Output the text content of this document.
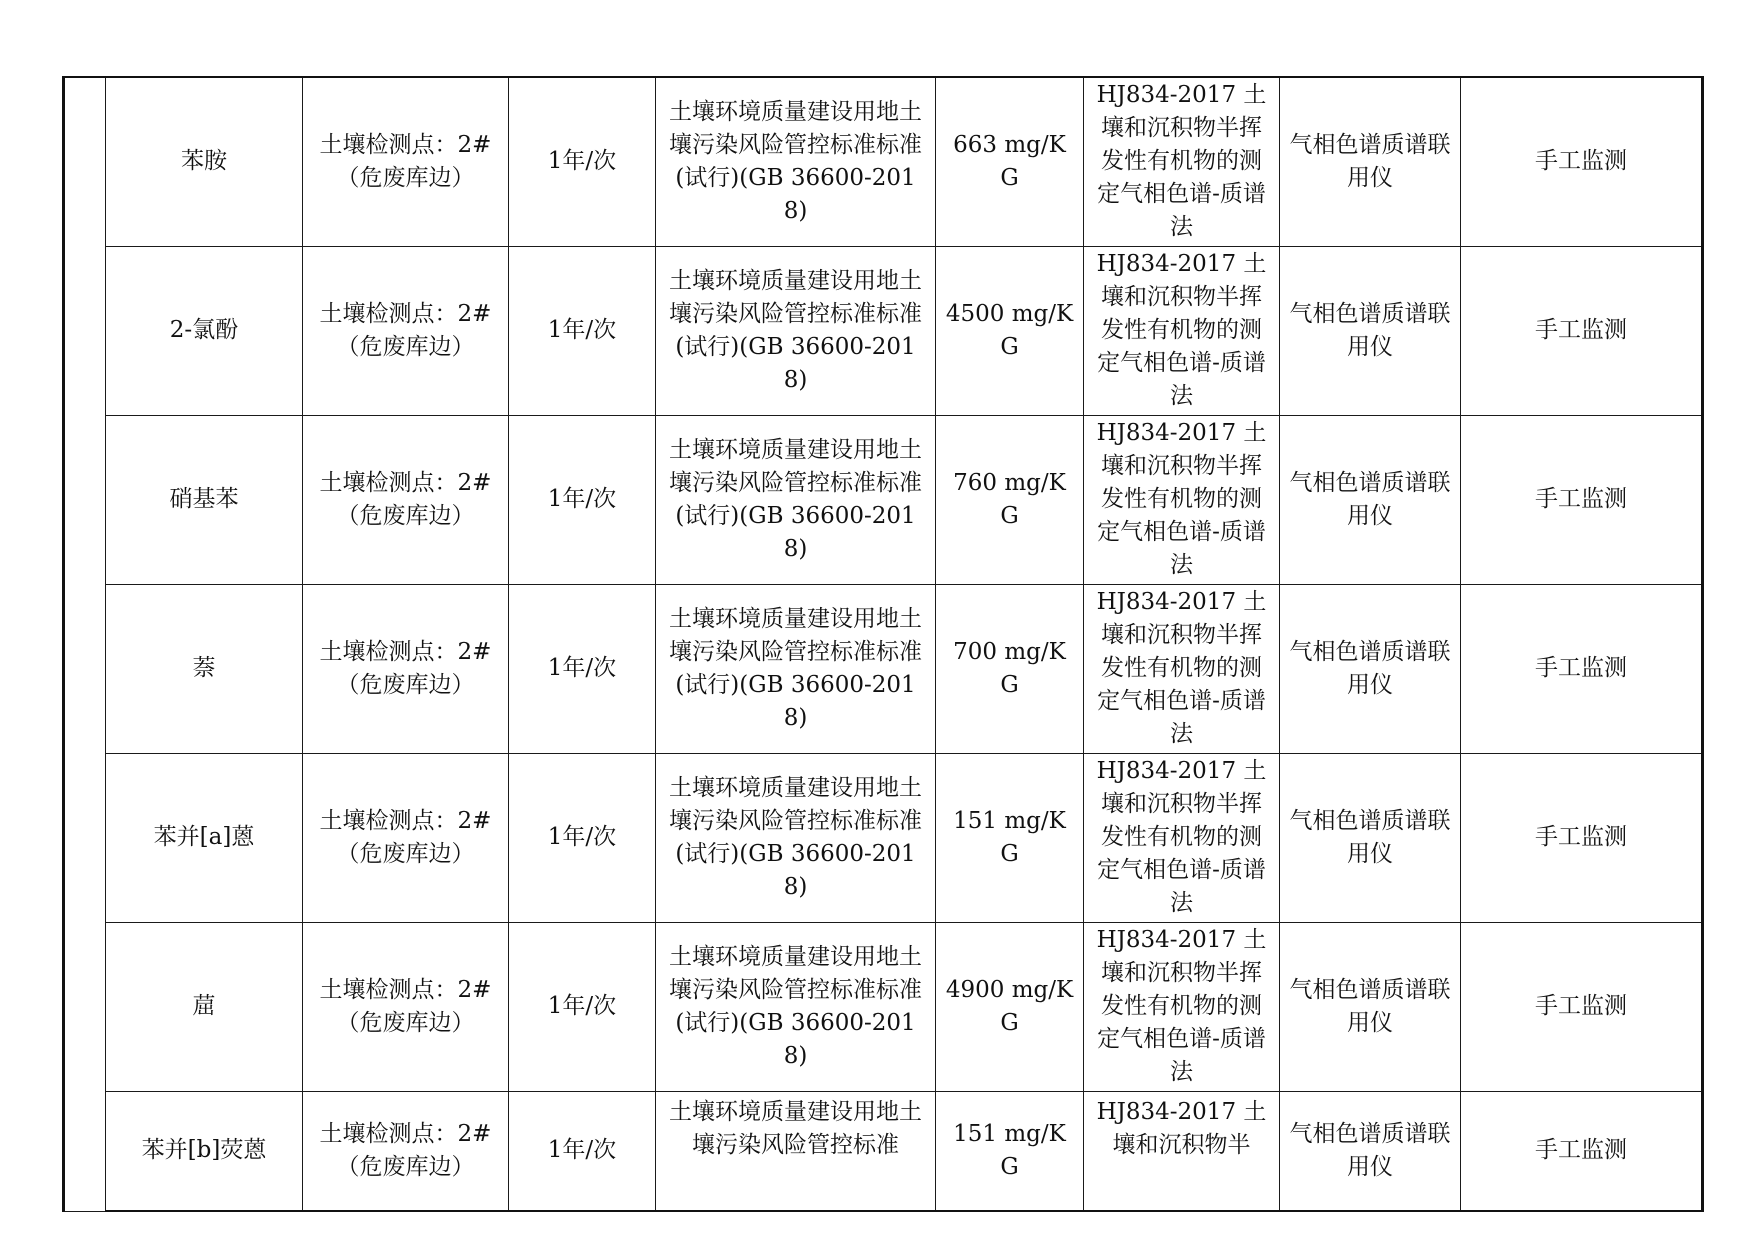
	苯胺	土壤检测点：2#（危废库边）	1年/次	土壤环境质量建设用地土壤污染风险管控标准标准(试行)(GB 36600-2018)	663 mg/KG	HJ834-2017 土壤和沉积物半挥发性有机物的测定气相色谱-质谱法	气相色谱质谱联用仪	手工监测
	2-氯酚	土壤检测点：2#（危废库边）	1年/次	土壤环境质量建设用地土壤污染风险管控标准标准(试行)(GB 36600-2018)	4500 mg/KG	HJ834-2017 土壤和沉积物半挥发性有机物的测定气相色谱-质谱法	气相色谱质谱联用仪	手工监测
	硝基苯	土壤检测点：2#（危废库边）	1年/次	土壤环境质量建设用地土壤污染风险管控标准标准(试行)(GB 36600-2018)	760 mg/KG	HJ834-2017 土壤和沉积物半挥发性有机物的测定气相色谱-质谱法	气相色谱质谱联用仪	手工监测
	萘	土壤检测点：2#（危废库边）	1年/次	土壤环境质量建设用地土壤污染风险管控标准标准(试行)(GB 36600-2018)	700 mg/KG	HJ834-2017 土壤和沉积物半挥发性有机物的测定气相色谱-质谱法	气相色谱质谱联用仪	手工监测
	苯并[a]蒽	土壤检测点：2#（危废库边）	1年/次	土壤环境质量建设用地土壤污染风险管控标准标准(试行)(GB 36600-2018)	151 mg/KG	HJ834-2017 土壤和沉积物半挥发性有机物的测定气相色谱-质谱法	气相色谱质谱联用仪	手工监测
	䓛	土壤检测点：2#（危废库边）	1年/次	土壤环境质量建设用地土壤污染风险管控标准标准(试行)(GB 36600-2018)	4900 mg/KG	HJ834-2017 土壤和沉积物半挥发性有机物的测定气相色谱-质谱法	气相色谱质谱联用仪	手工监测
	苯并[b]荧蒽	土壤检测点：2#（危废库边）	1年/次	土壤环境质量建设用地土壤污染风险管控标准	151 mg/KG	HJ834-2017 土壤和沉积物半	气相色谱质谱联用仪	手工监测
